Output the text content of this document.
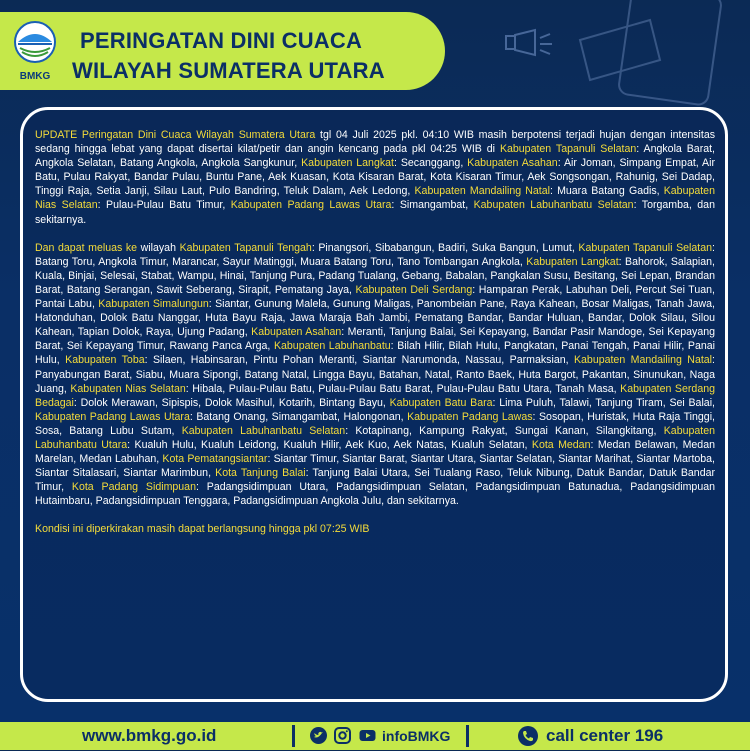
BMKG
PERINGATAN DINI CUACA
WILAYAH SUMATERA UTARA

UPDATE Peringatan Dini Cuaca Wilayah Sumatera Utara tgl 04 Juli 2025 pkl. 04:10 WIB masih berpotensi terjadi hujan dengan intensitas sedang hingga lebat yang dapat disertai kilat/petir dan angin kencang pada pkl 04:25 WIB di Kabupaten Tapanuli Selatan: Angkola Barat, Angkola Selatan, Batang Angkola, Angkola Sangkunur, Kabupaten Langkat: Secanggang, Kabupaten Asahan: Air Joman, Simpang Empat, Air Batu, Pulau Rakyat, Bandar Pulau, Buntu Pane, Aek Kuasan, Kota Kisaran Barat, Kota Kisaran Timur, Aek Songsongan, Rahunig, Sei Dadap, Tinggi Raja, Setia Janji, Silau Laut, Pulo Bandring, Teluk Dalam, Aek Ledong, Kabupaten Mandailing Natal: Muara Batang Gadis, Kabupaten Nias Selatan: Pulau-Pulau Batu Timur, Kabupaten Padang Lawas Utara: Simangambat, Kabupaten Labuhanbatu Selatan: Torgamba, dan sekitarnya.

Dan dapat meluas ke wilayah Kabupaten Tapanuli Tengah: Pinangsori, Sibabangun, Badiri, Suka Bangun, Lumut, Kabupaten Tapanuli Selatan: Batang Toru, Angkola Timur, Marancar, Sayur Matinggi, Muara Batang Toru, Tano Tombangan Angkola, Kabupaten Langkat: Bahorok, Salapian, Kuala, Binjai, Selesai, Stabat, Wampu, Hinai, Tanjung Pura, Padang Tualang, Gebang, Babalan, Pangkalan Susu, Besitang, Sei Lepan, Brandan Barat, Batang Serangan, Sawit Seberang, Sirapit, Pematang Jaya, Kabupaten Deli Serdang: Hamparan Perak, Labuhan Deli, Percut Sei Tuan, Pantai Labu, Kabupaten Simalungun: Siantar, Gunung Malela, Gunung Maligas, Panombeian Pane, Raya Kahean, Bosar Maligas, Tanah Jawa, Hatonduhan, Dolok Batu Nanggar, Huta Bayu Raja, Jawa Maraja Bah Jambi, Pematang Bandar, Bandar Huluan, Bandar, Dolok Silau, Silou Kahean, Tapian Dolok, Raya, Ujung Padang, Kabupaten Asahan: Meranti, Tanjung Balai, Sei Kepayang, Bandar Pasir Mandoge, Sei Kepayang Barat, Sei Kepayang Timur, Rawang Panca Arga, Kabupaten Labuhanbatu: Bilah Hilir, Bilah Hulu, Pangkatan, Panai Tengah, Panai Hilir, Panai Hulu, Kabupaten Toba: Silaen, Habinsaran, Pintu Pohan Meranti, Siantar Narumonda, Nassau, Parmaksian, Kabupaten Mandailing Natal: Panyabungan Barat, Siabu, Muara Sipongi, Batang Natal, Lingga Bayu, Batahan, Natal, Ranto Baek, Huta Bargot, Pakantan, Sinunukan, Naga Juang, Kabupaten Nias Selatan: Hibala, Pulau-Pulau Batu, Pulau-Pulau Batu Barat, Pulau-Pulau Batu Utara, Tanah Masa, Kabupaten Serdang Bedagai: Dolok Merawan, Sipispis, Dolok Masihul, Kotarih, Bintang Bayu, Kabupaten Batu Bara: Lima Puluh, Talawi, Tanjung Tiram, Sei Balai, Kabupaten Padang Lawas Utara: Batang Onang, Simangambat, Halongonan, Kabupaten Padang Lawas: Sosopan, Huristak, Huta Raja Tinggi, Sosa, Batang Lubu Sutam, Kabupaten Labuhanbatu Selatan: Kotapinang, Kampung Rakyat, Sungai Kanan, Silangkitang, Kabupaten Labuhanbatu Utara: Kualuh Hulu, Kualuh Leidong, Kualuh Hilir, Aek Kuo, Aek Natas, Kualuh Selatan, Kota Medan: Medan Belawan, Medan Marelan, Medan Labuhan, Kota Pematangsiantar: Siantar Timur, Siantar Barat, Siantar Utara, Siantar Selatan, Siantar Marihat, Siantar Martoba, Siantar Sitalasari, Siantar Marimbun, Kota Tanjung Balai: Tanjung Balai Utara, Sei Tualang Raso, Teluk Nibung, Datuk Bandar, Datuk Bandar Timur, Kota Padang Sidimpuan: Padangsidimpuan Utara, Padangsidimpuan Selatan, Padangsidimpuan Batunadua, Padangsidimpuan Hutaimbaru, Padangsidimpuan Tenggara, Padangsidimpuan Angkola Julu, dan sekitarnya.

Kondisi ini diperkirakan masih dapat berlangsung hingga pkl 07:25 WIB

www.bmkg.go.id
	infoBMKG	call center 196
